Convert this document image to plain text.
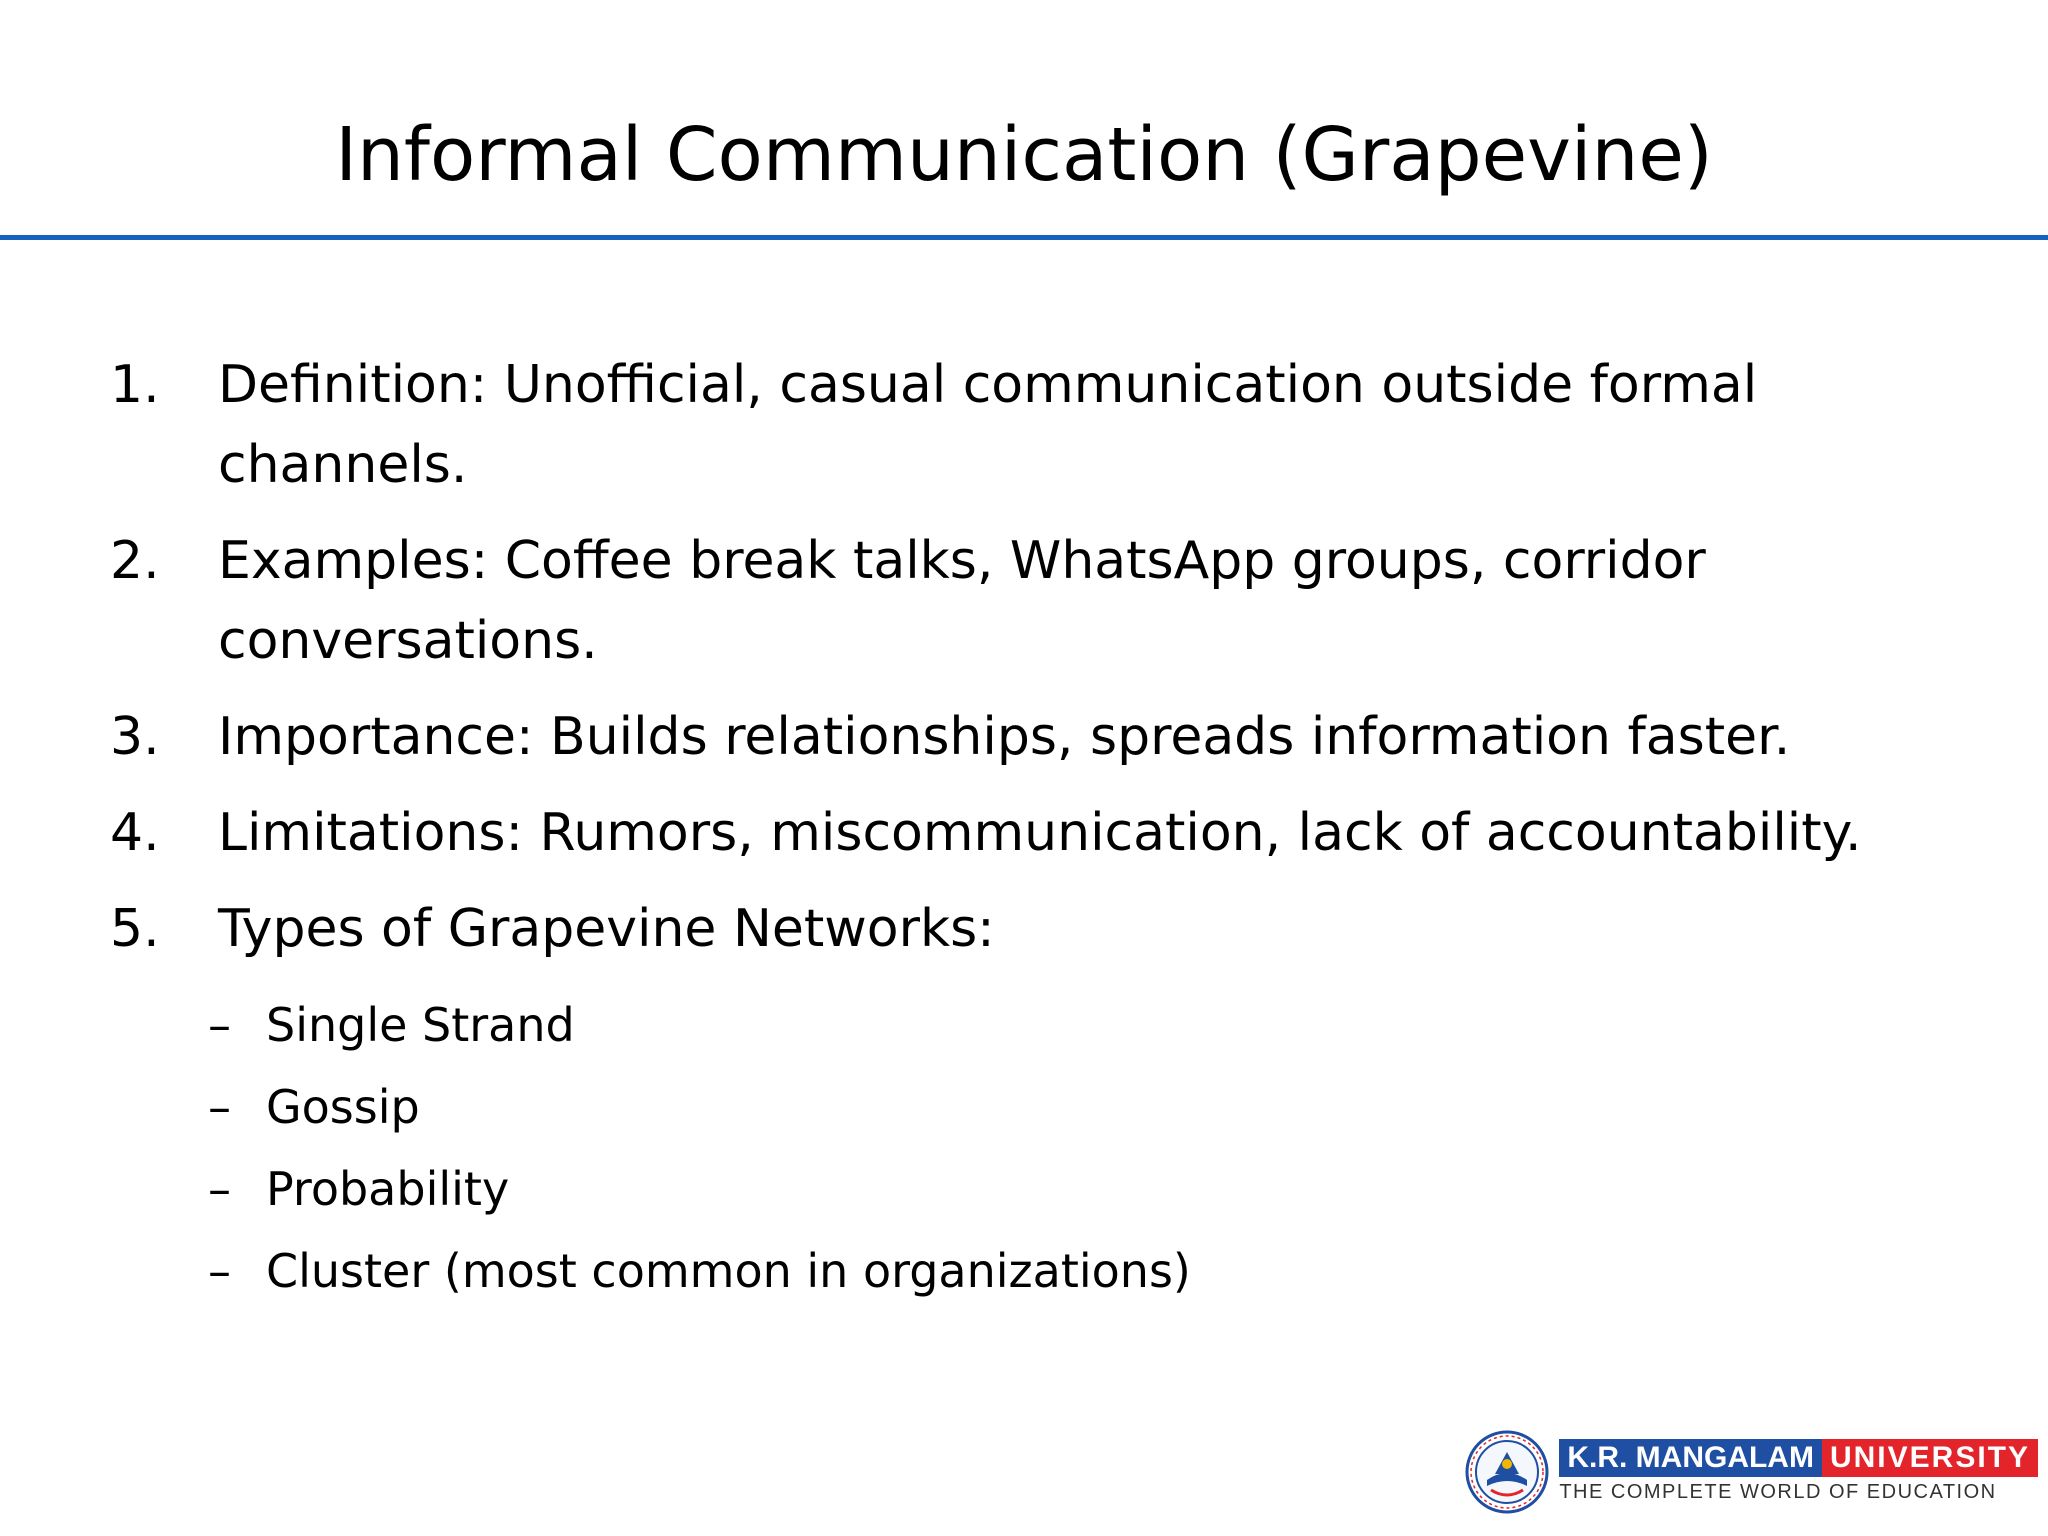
Informal Communication (Grapevine)
1.	Definition: Unofficial, casual communication outside formal channels.
2.	Examples: Coffee break talks, WhatsApp groups, corridor conversations.
3.	Importance: Builds relationships, spreads information faster.
4.	Limitations: Rumors, miscommunication, lack of accountability.
5.	Types of Grapevine Networks:
– Single Strand
– Gossip
– Probability
– Cluster (most common in organizations)
K.R. MANGALAM UNIVERSITY
THE COMPLETE WORLD OF EDUCATION
